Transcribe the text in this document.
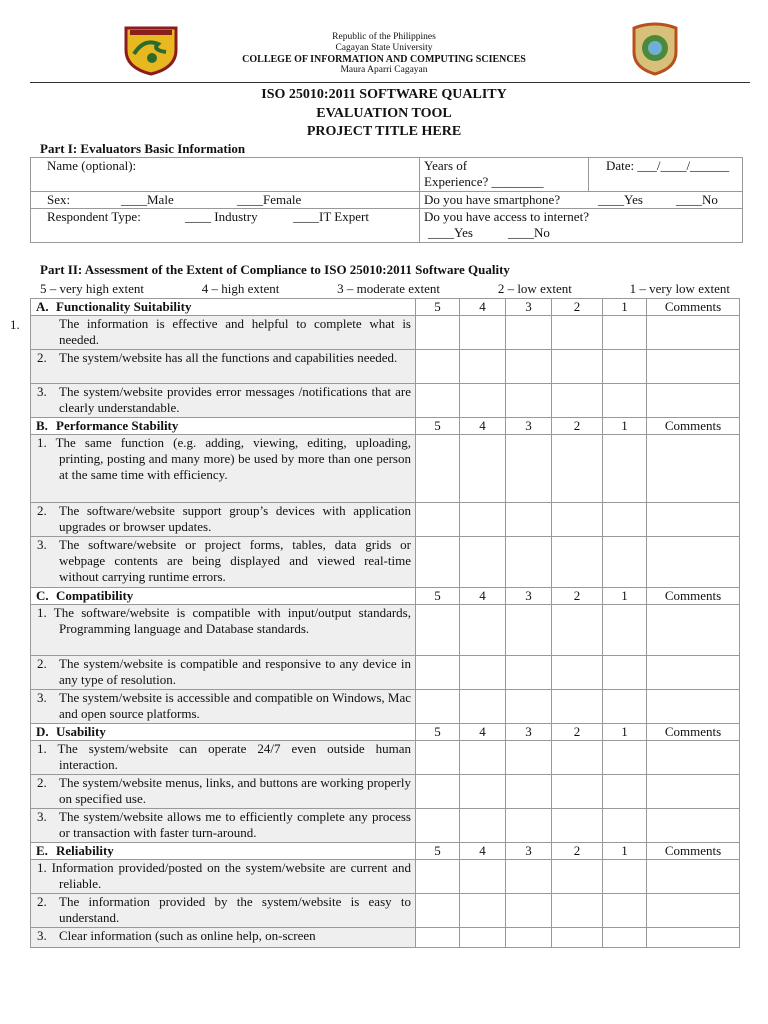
Republic of the Philippines
Cagayan State University
COLLEGE OF INFORMATION AND COMPUTING SCIENCES
Maura Aparri Cagayan
ISO 25010:2011 SOFTWARE QUALITY
EVALUATION TOOL
PROJECT TITLE HERE
Part I: Evaluators Basic Information
Name (optional):	Years of
Experience? ________	Date: ___/____/______
Sex: ____Male ____Female	Do you have smartphone? ____Yes ____No	
Respondent Type: ____ Industry ____IT Expert	Do you have access to internet?
____Yes ____No	
Part II: Assessment of the Extent of Compliance to ISO 25010:2011 Software Quality
5 – very high extent	4 – high extent	3 – moderate extent	2 – low extent	1 – very low extent
1.
A. Functionality Suitability	5	4	3	2	1	Comments

The information is effective and helpful to complete what is needed.						

2. The system/website has all the functions and capabilities needed.						

3. The system/website provides error messages /notifications that are clearly understandable.						
B. Performance Stability	5	4	3	2	1	Comments
1. The same function (e.g. adding, viewing, editing, uploading, printing, posting and many more) be used by more than one person at the same time with efficiency.						

2. The software/website support group’s devices with application upgrades or browser updates.						

3. The software/website or project forms, tables, data grids or webpage contents are being displayed and viewed real-time without carrying runtime errors.						
C. Compatibility	5	4	3	2	1	Comments
1. The software/website is compatible with input/output standards, Programming language and Database standards.						

2. The system/website is compatible and responsive to any device in any type of resolution.						

3. The system/website is accessible and compatible on Windows, Mac and open source platforms.						
D. Usability	5	4	3	2	1	Comments
1. The system/website can operate 24/7 even outside human interaction.						

2. The system/website menus, links, and buttons are working properly on specified use.						

3. The system/website allows me to efficiently complete any process or transaction with faster turn-around.						
E. Reliability	5	4	3	2	1	Comments
1. Information provided/posted on the system/website are current and reliable.						

2. The information provided by the system/website is easy to understand.						

3. Clear information (such as online help, on-screen						
